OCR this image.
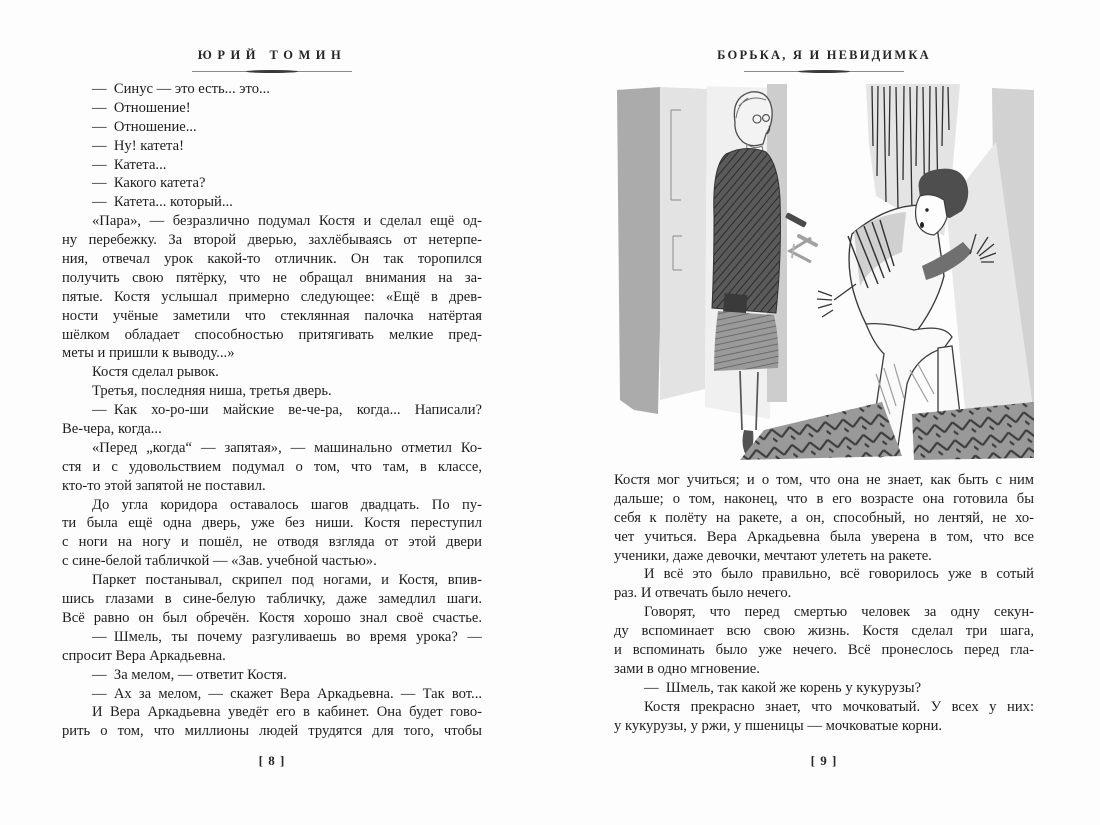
ЮРИЙ ТОМИН
— Синус — это есть... это...
— Отношение!
— Отношение...
— Ну! катета!
— Катета...
— Какого катета?
— Катета... который...
«Пара», — безразлично подумал Костя и сделал ещё од-
ну перебежку. За второй дверью, захлёбываясь от нетерпе-
ния, отвечал урок какой-то отличник. Он так торопился
получить свою пятёрку, что не обращал внимания на за-
пятые. Костя услышал примерно следующее: «Ещё в древ-
ности учёные заметили что стеклянная палочка натёртая
шёлком обладает способностью притягивать мелкие пред-
меты и пришли к выводу...»
Костя сделал рывок.
Третья, последняя ниша, третья дверь.
— Как хо-ро-ши майские ве-че-ра, когда... Написали?
Ве-чера, когда...
«Перед „когда“ — запятая», — машинально отметил Ко-
стя и с удовольствием подумал о том, что там, в классе,
кто-то этой запятой не поставил.
До угла коридора оставалось шагов двадцать. По пу-
ти была ещё одна дверь, уже без ниши. Костя переступил
с ноги на ногу и пошёл, не отводя взгляда от этой двери
с сине-белой табличкой — «Зав. учебной частью».
Паркет постанывал, скрипел под ногами, и Костя, впив-
шись глазами в сине-белую табличку, даже замедлил шаги.
Всё равно он был обречён. Костя хорошо знал своё счастье.
— Шмель, ты почему разгуливаешь во время урока? —
спросит Вера Аркадьевна.
— За мелом, — ответит Костя.
— Ах за мелом, — скажет Вера Аркадьевна. — Так вот...
И Вера Аркадьевна уведёт его в кабинет. Она будет гово-
рить о том, что миллионы людей трудятся для того, чтобы
[ 8 ]
БОРЬКА, Я И НЕВИДИМКА
Костя мог учиться; и о том, что она не знает, как быть с ним
дальше; о том, наконец, что в его возрасте она готовила бы
себя к полёту на ракете, а он, способный, но лентяй, не хо-
чет учиться. Вера Аркадьевна была уверена в том, что все
ученики, даже девочки, мечтают улететь на ракете.
И всё это было правильно, всё говорилось уже в сотый
раз. И отвечать было нечего.
Говорят, что перед смертью человек за одну секун-
ду вспоминает всю свою жизнь. Костя сделал три шага,
и вспоминать было уже нечего. Всё пронеслось перед гла-
зами в одно мгновение.
— Шмель, так какой же корень у кукурузы?
Костя прекрасно знает, что мочковатый. У всех у них:
у кукурузы, у ржи, у пшеницы — мочковатые корни.
[ 9 ]
